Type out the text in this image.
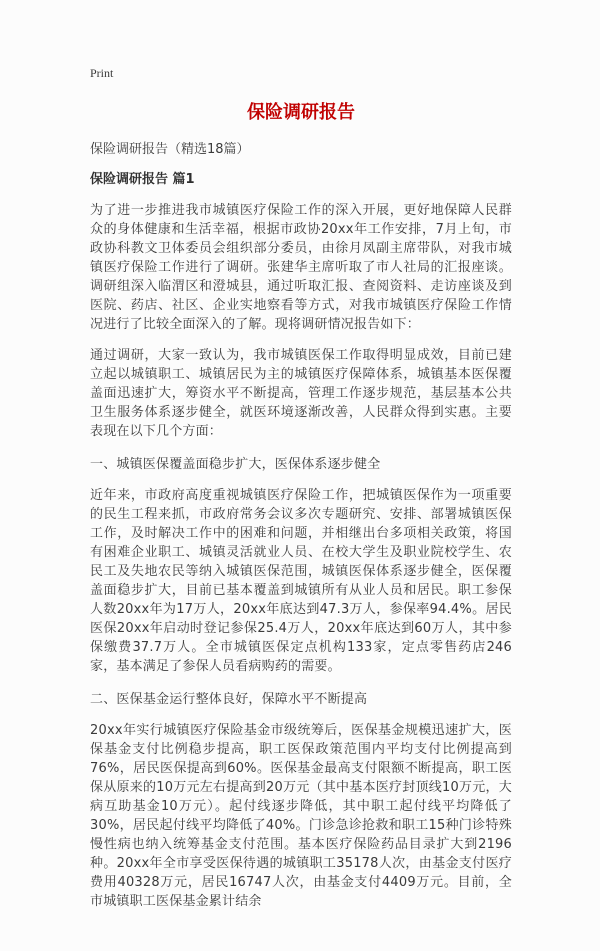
Print
保险调研报告
保险调研报告（精选18篇）
保险调研报告 篇1

为了进一步推进我市城镇医疗保险工作的深入开展，更好地保障人民群众的身体健康和生活幸福，根据市政协20xx年工作安排，7月上旬，市政协科教文卫体委员会组织部分委员，由徐月凤副主席带队，对我市城镇医疗保险工作进行了调研。张建华主席听取了市人社局的汇报座谈。调研组深入临渭区和澄城县，通过听取汇报、查阅资料、走访座谈及到医院、药店、社区、企业实地察看等方式，对我市城镇医疗保险工作情况进行了比较全面深入的了解。现将调研情况报告如下：

通过调研，大家一致认为，我市城镇医保工作取得明显成效，目前已建立起以城镇职工、城镇居民为主的城镇医疗保障体系，城镇基本医保覆盖面迅速扩大，筹资水平不断提高，管理工作逐步规范，基层基本公共卫生服务体系逐步健全，就医环境逐渐改善，人民群众得到实惠。主要表现在以下几个方面：

一、城镇医保覆盖面稳步扩大，医保体系逐步健全

近年来，市政府高度重视城镇医疗保险工作，把城镇医保作为一项重要的民生工程来抓，市政府常务会议多次专题研究、安排、部署城镇医保工作，及时解决工作中的困难和问题，并相继出台多项相关政策，将国有困难企业职工、城镇灵活就业人员、在校大学生及职业院校学生、农民工及失地农民等纳入城镇医保范围，城镇医保体系逐步健全，医保覆盖面稳步扩大，目前已基本覆盖到城镇所有从业人员和居民。职工参保人数20xx年为17万人，20xx年底达到47.3万人，参保率94.4%。居民医保20xx年启动时登记参保25.4万人，20xx年底达到60万人，其中参保缴费37.7万人。全市城镇医保定点机构133家，定点零售药店246家，基本满足了参保人员看病购药的需要。

二、医保基金运行整体良好，保障水平不断提高

20xx年实行城镇医疗保险基金市级统筹后，医保基金规模迅速扩大，医保基金支付比例稳步提高，职工医保政策范围内平均支付比例提高到76%，居民医保提高到60%。医保基金最高支付限额不断提高，职工医保从原来的10万元左右提高到20万元（其中基本医疗封顶线10万元，大病互助基金10万元）。起付线逐步降低，其中职工起付线平均降低了30%，居民起付线平均降低了40%。门诊急诊抢救和职工15种门诊特殊慢性病也纳入统筹基金支付范围。基本医疗保险药品目录扩大到2196种。20xx年全市享受医保待遇的城镇职工35178人次，由基金支付医疗费用40328万元，居民16747人次，由基金支付4409万元。目前，全市城镇职工医保基金累计结余
